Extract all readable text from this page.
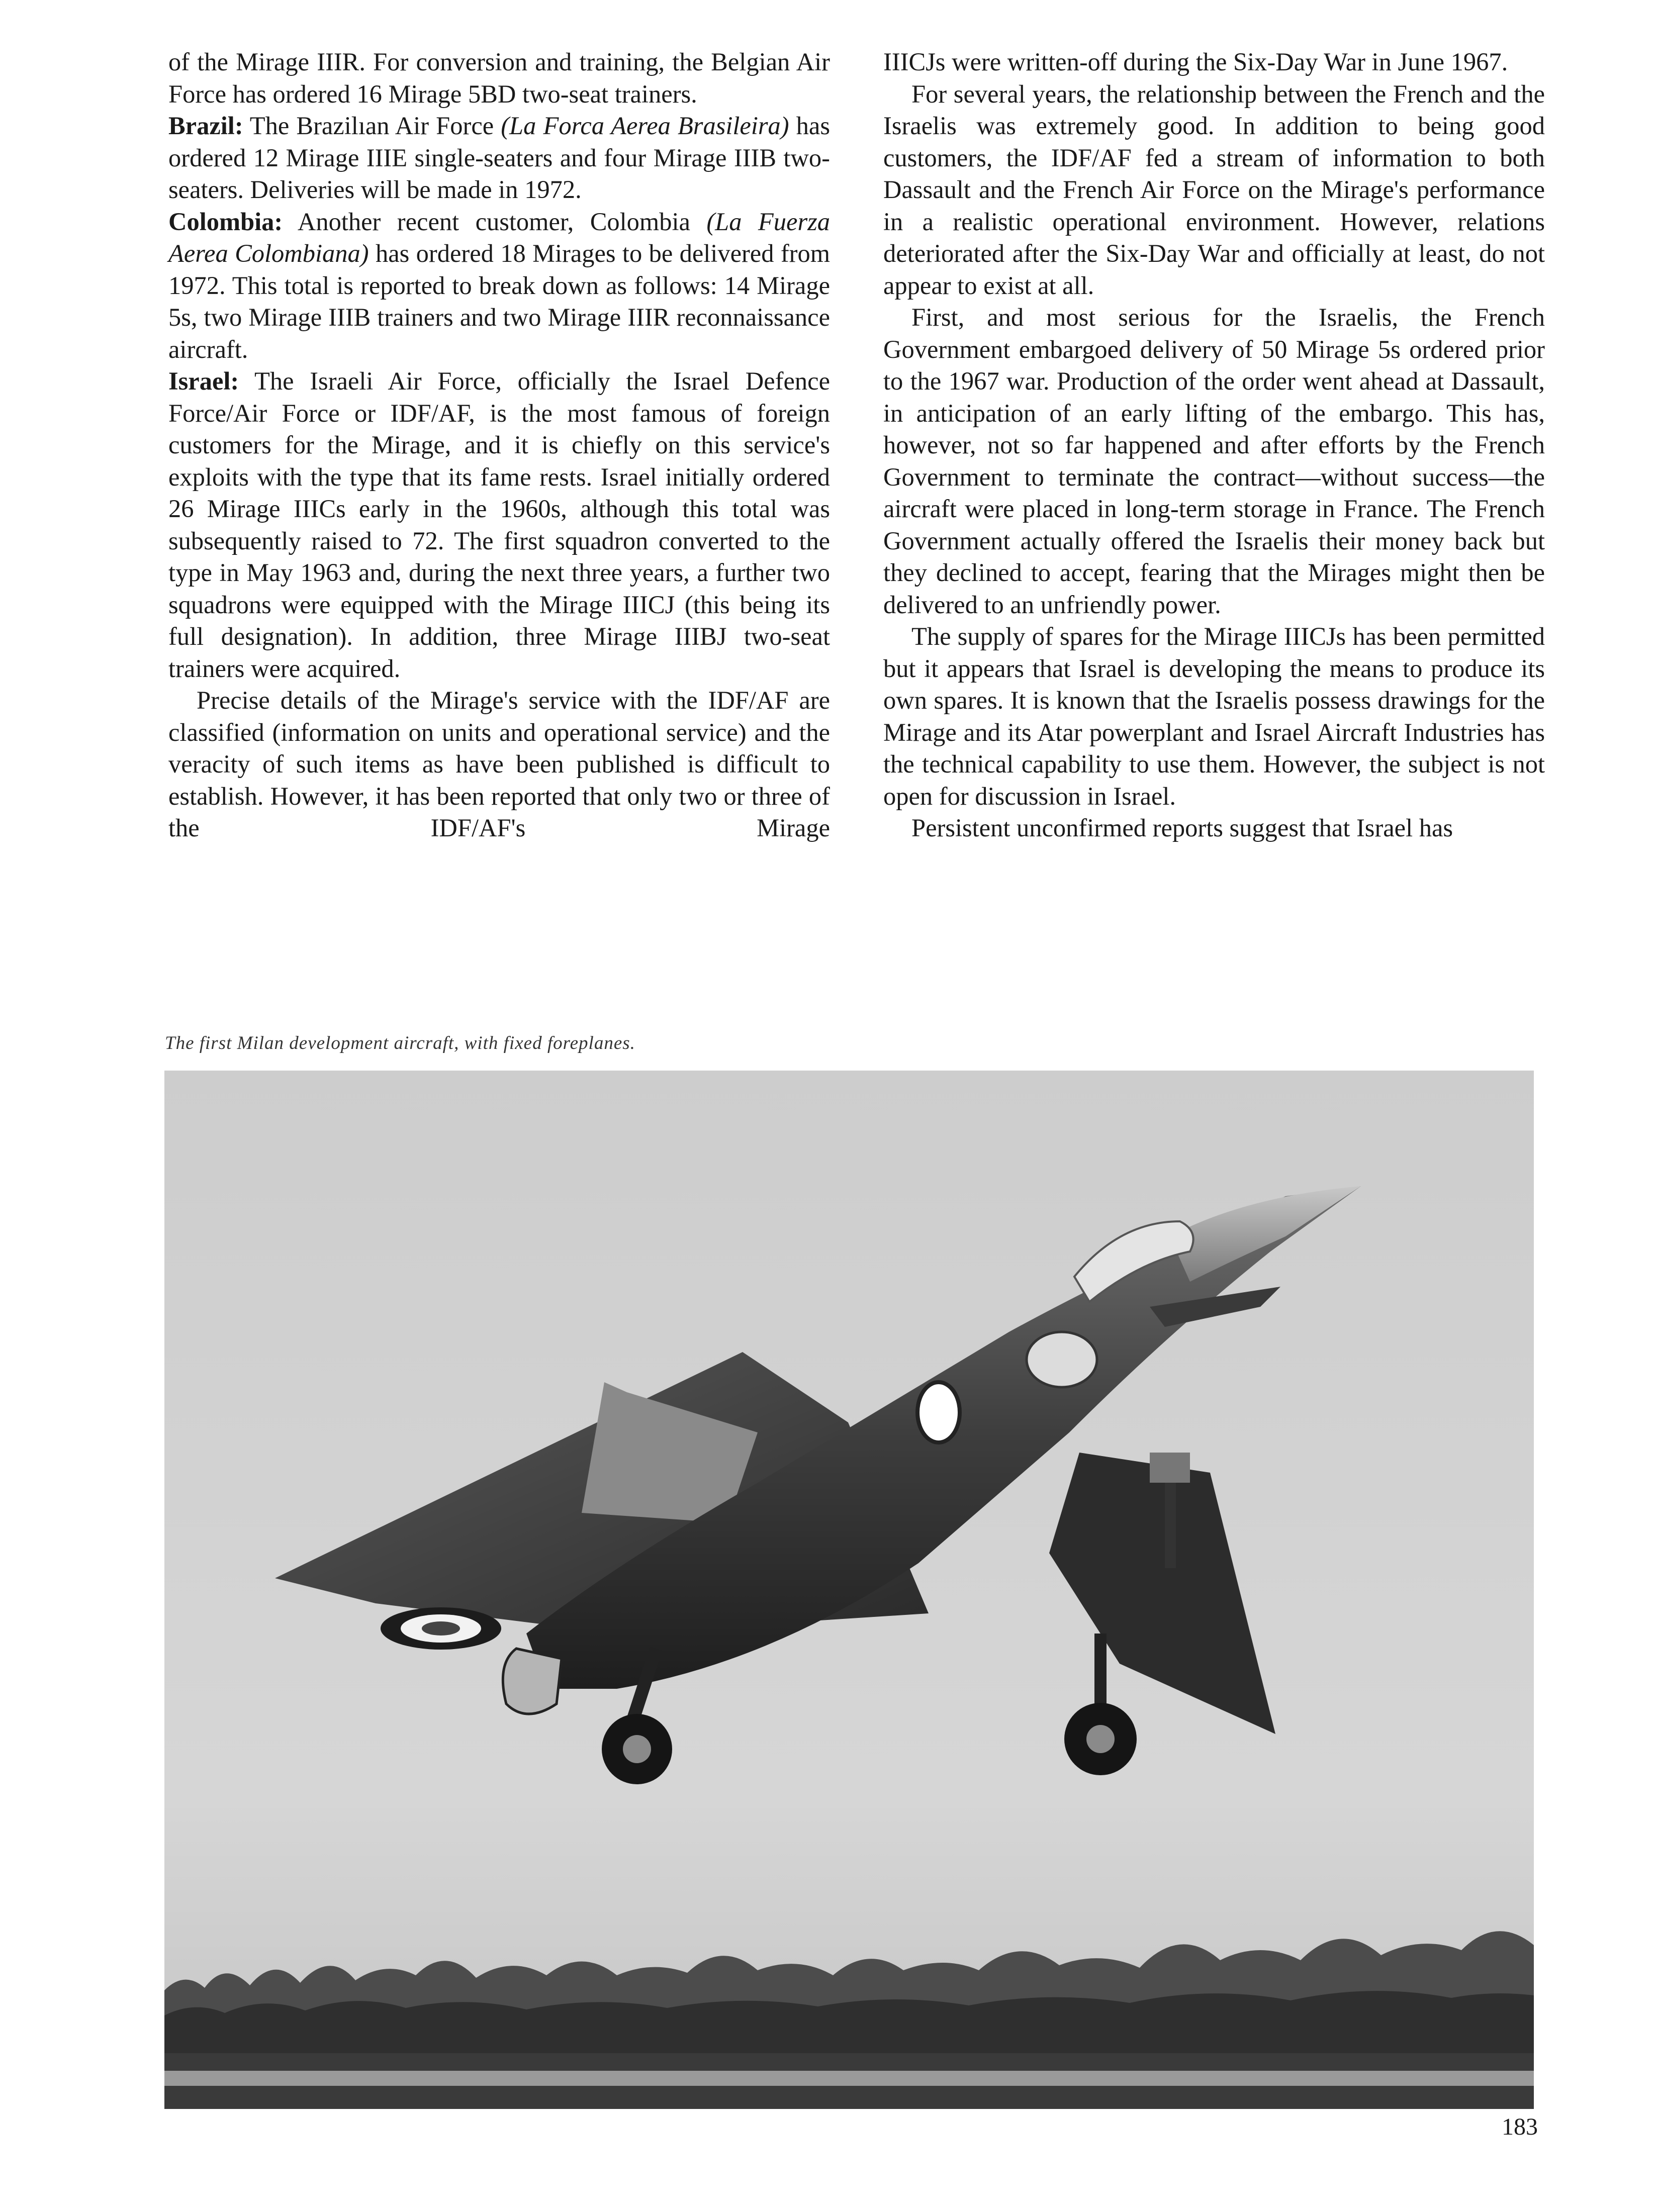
of the Mirage IIIR. For conversion and training, the Belgian Air Force has ordered 16 Mirage 5BD two-seat trainers.

Brazil: The Brazilıan Air Force (La Forca Aerea Brasileira) has ordered 12 Mirage IIIE single-seaters and four Mirage IIIB two-seaters. Deliveries will be made in 1972.

Colombia: Another recent customer, Colombia (La Fuerza Aerea Colombiana) has ordered 18 Mirages to be delivered from 1972. This total is reported to break down as follows: 14 Mirage 5s, two Mirage IIIB trainers and two Mirage IIIR reconnaissance aircraft.

Israel: The Israeli Air Force, officially the Israel Defence Force/Air Force or IDF/AF, is the most famous of foreign customers for the Mirage, and it is chiefly on this service's exploits with the type that its fame rests. Israel initially ordered 26 Mirage IIICs early in the 1960s, although this total was subsequently raised to 72. The first squadron converted to the type in May 1963 and, during the next three years, a further two squadrons were equipped with the Mirage IIICJ (this being its full designation). In addition, three Mirage IIIBJ two-seat trainers were acquired.

Precise details of the Mirage's service with the IDF/AF are classified (information on units and operational service) and the veracity of such items as have been published is difficult to establish. However, it has been reported that only two or three of the IDF/AF's Mirage

IIICJs were written-off during the Six-Day War in June 1967.

For several years, the relationship between the French and the Israelis was extremely good. In addition to being good customers, the IDF/AF fed a stream of information to both Dassault and the French Air Force on the Mirage's performance in a realistic operational environment. However, relations deteriorated after the Six-Day War and officially at least, do not appear to exist at all.

First, and most serious for the Israelis, the French Government embargoed delivery of 50 Mirage 5s ordered prior to the 1967 war. Production of the order went ahead at Dassault, in anticipation of an early lifting of the embargo. This has, however, not so far happened and after efforts by the French Government to terminate the contract—without success—the aircraft were placed in long-term storage in France. The French Government actually offered the Israelis their money back but they declined to accept, fearing that the Mirages might then be delivered to an unfriendly power.

The supply of spares for the Mirage IIICJs has been permitted but it appears that Israel is developing the means to produce its own spares. It is known that the Israelis possess drawings for the Mirage and its Atar powerplant and Israel Aircraft Industries has the technical capability to use them. However, the subject is not open for discussion in Israel.

Persistent unconfirmed reports suggest that Israel has

The first Milan development aircraft, with fixed foreplanes.
183
